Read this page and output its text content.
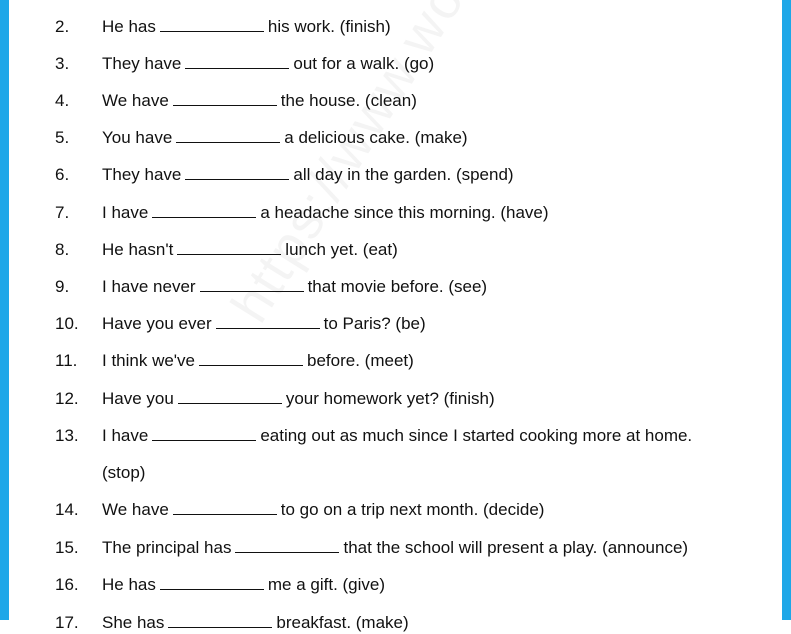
2. He has	his work. (finish)
3. They have	out for a walk. (go)
4. We have	the house. (clean)
5. You have	a delicious cake. (make)
6. They have	all day in the garden. (spend)
7. I have	a headache since this morning. (have)
8. He hasn't	lunch yet. (eat)
9. I have never	that movie before. (see)
10. Have you ever	to Paris? (be)
11. I think we've	before. (meet)
12. Have you	your homework yet? (finish)
13. I have	eating out as much since I started cooking more at home.
(stop)
14. We have	to go on a trip next month. (decide)
15. The principal has	that the school will present a play. (announce)
16. He has	me a gift. (give)
17. She has	breakfast. (make)
